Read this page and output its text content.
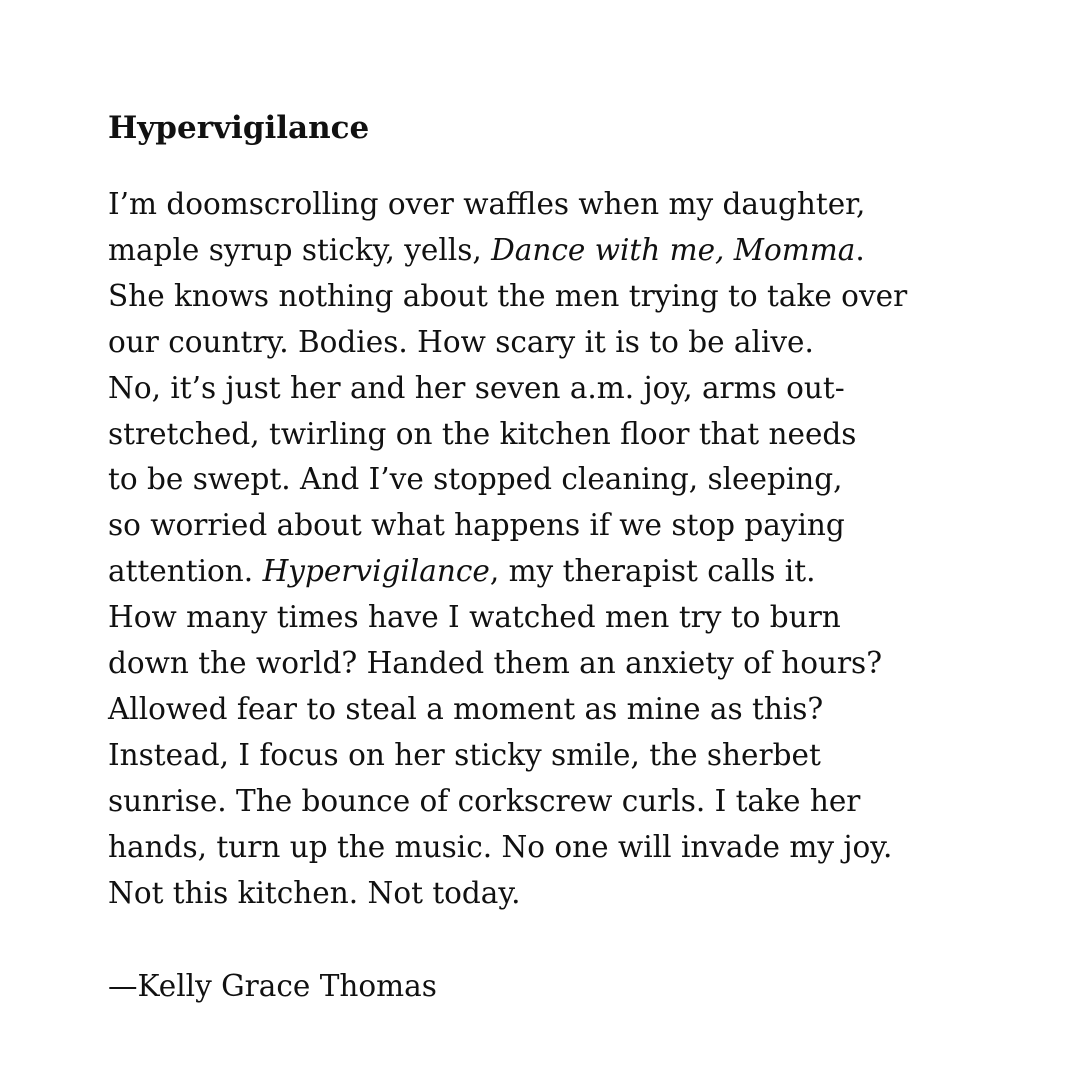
Hypervigilance
I’m doomscrolling over waffles when my daughter,
maple syrup sticky, yells, Dance with me, Momma.
She knows nothing about the men trying to take over
our country. Bodies. How scary it is to be alive.
No, it’s just her and her seven a.m. joy, arms out-
stretched, twirling on the kitchen floor that needs
to be swept. And I’ve stopped cleaning, sleeping,
so worried about what happens if we stop paying
attention. Hypervigilance, my therapist calls it.
How many times have I watched men try to burn
down the world? Handed them an anxiety of hours?
Allowed fear to steal a moment as mine as this?
Instead, I focus on her sticky smile, the sherbet
sunrise. The bounce of corkscrew curls. I take her
hands, turn up the music. No one will invade my joy.
Not this kitchen. Not today.
—Kelly Grace Thomas
